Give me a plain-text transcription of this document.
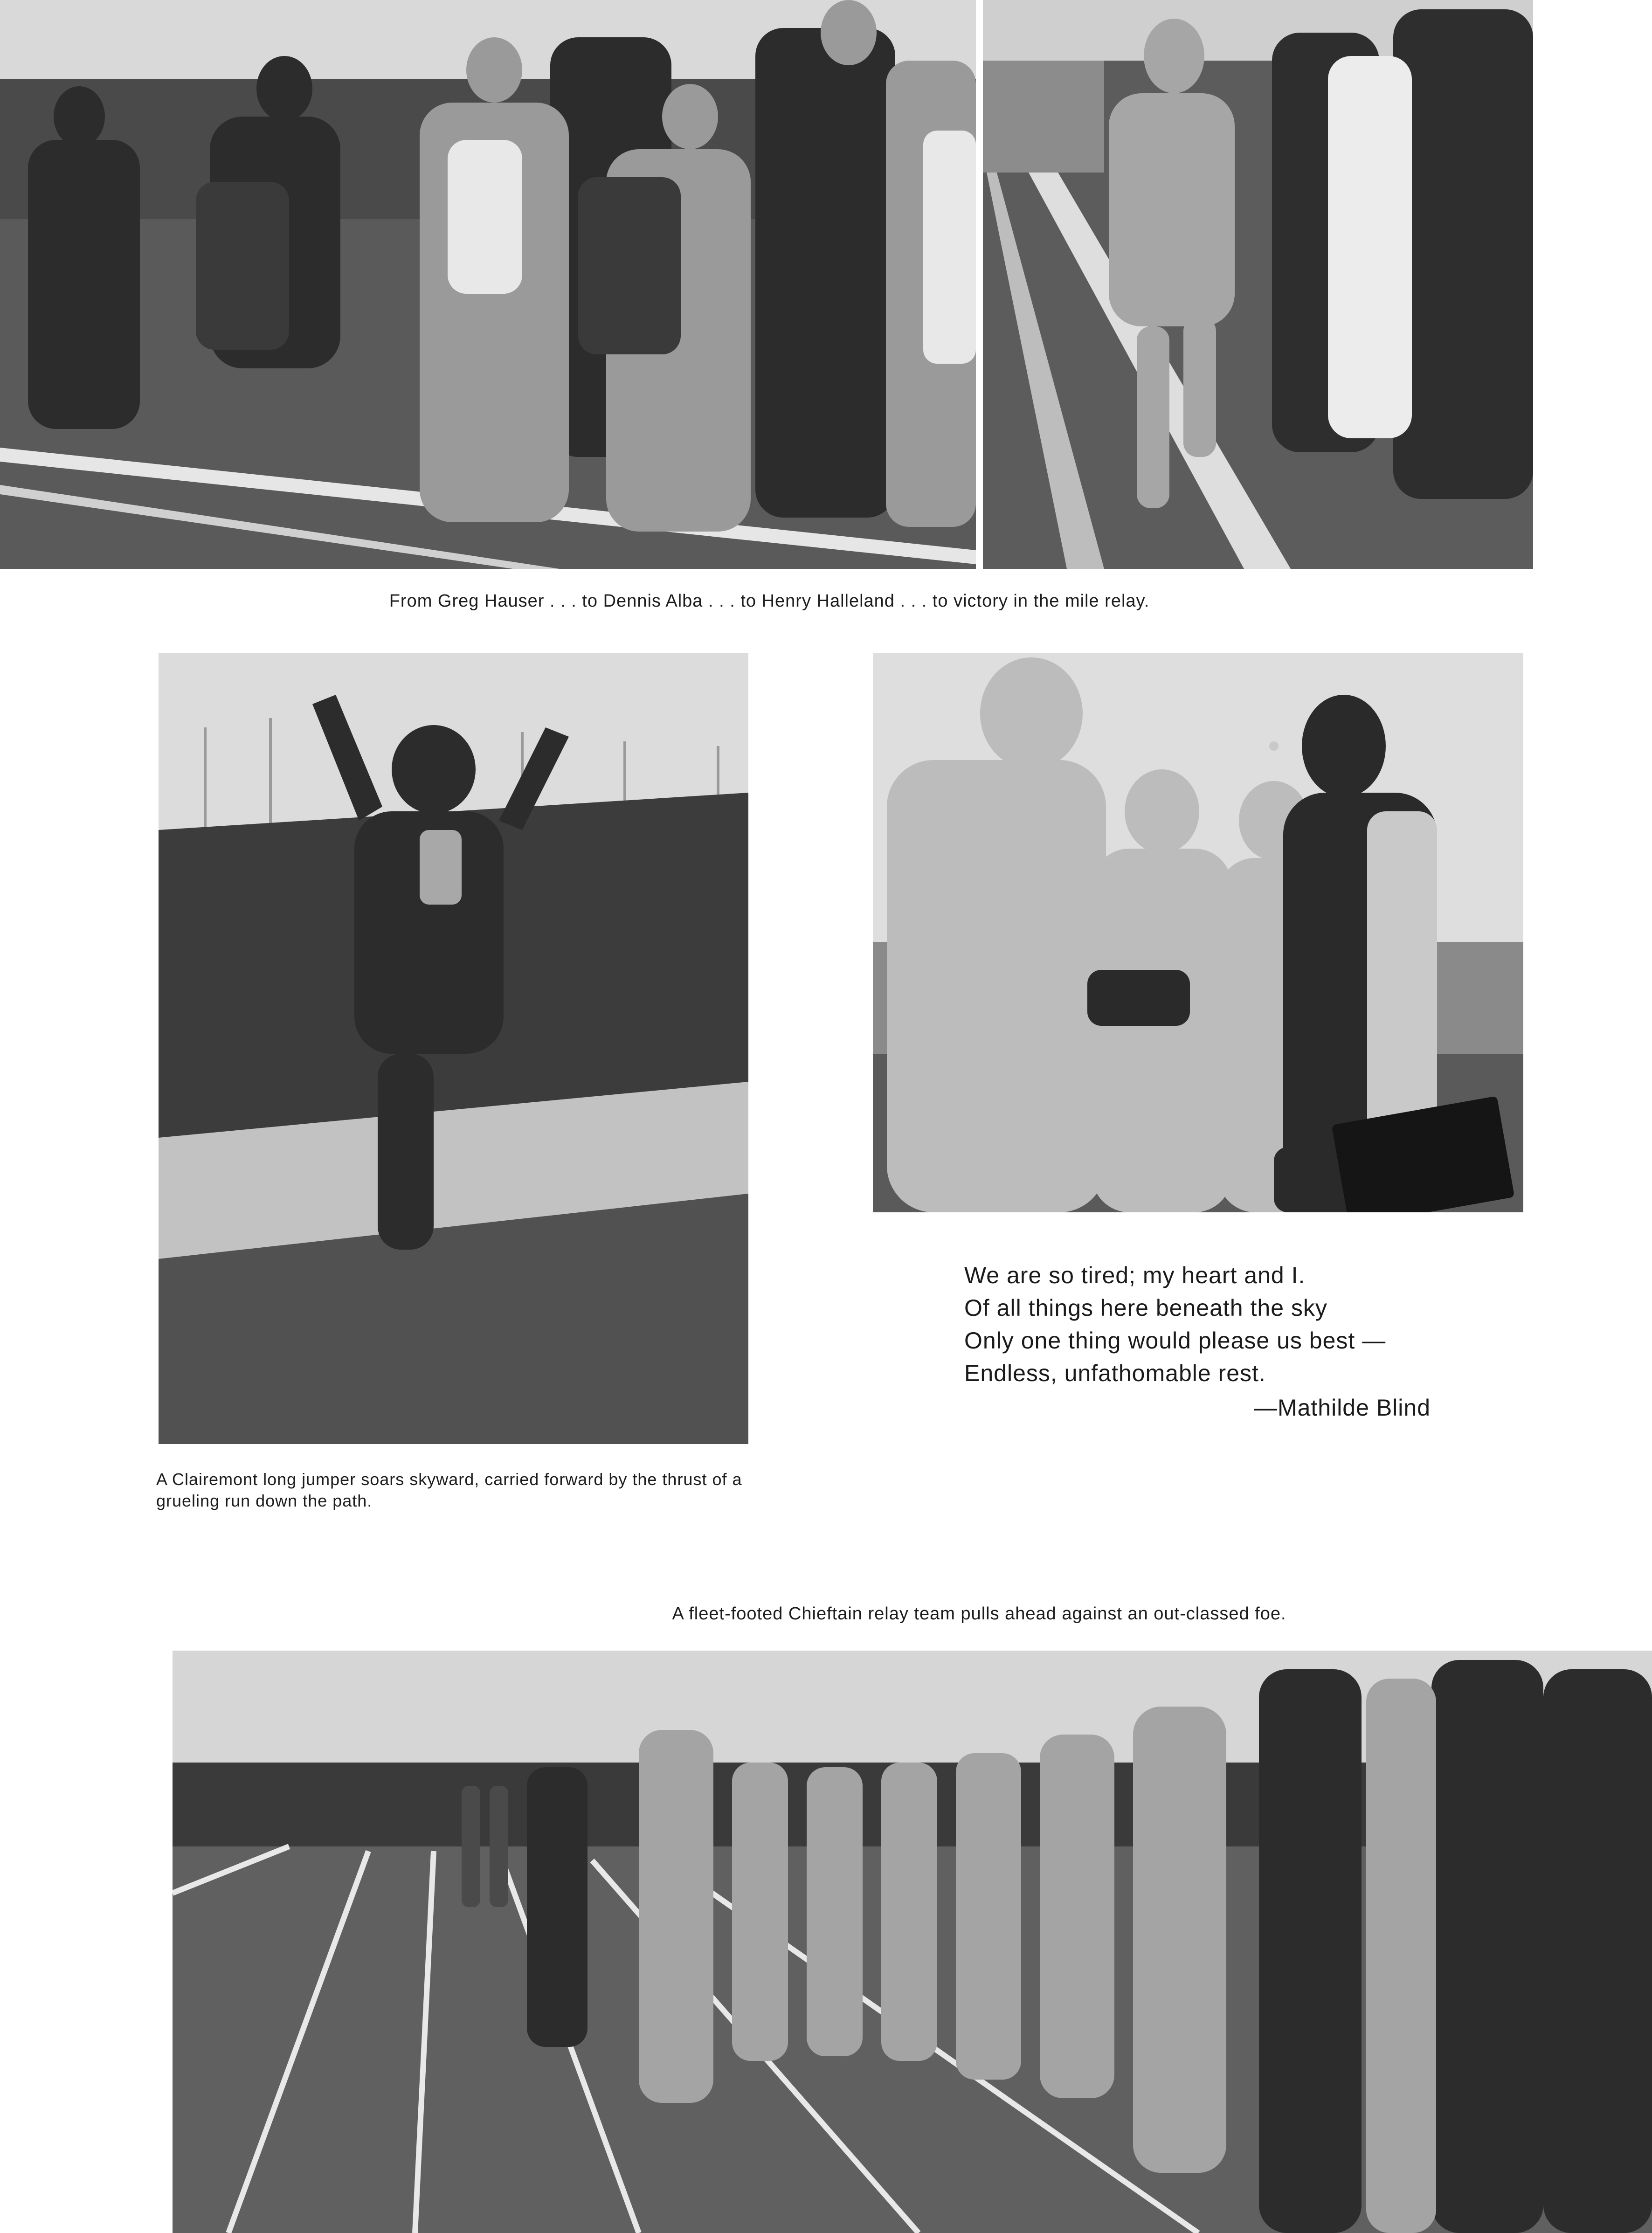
From Greg Hauser . . . to Dennis Alba . . . to Henry Halleland . . . to victory in the mile relay.
A Clairemont long jumper soars skyward, carried forward by the thrust of a grueling run down the path.
We are so tired; my heart and I.
Of all things here beneath the sky
Only one thing would please us best —
Endless, unfathomable rest.
—Mathilde Blind
A fleet-footed Chieftain relay team pulls ahead against an out-classed foe.
